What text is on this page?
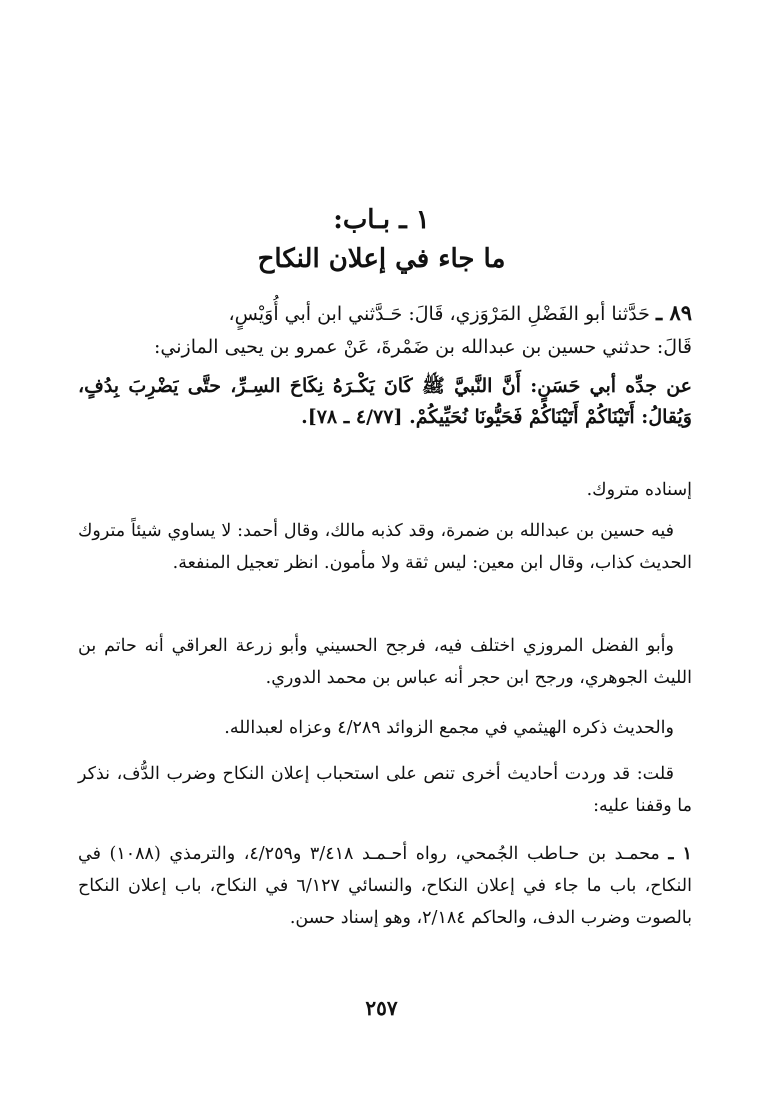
١ ـ بـاب:

ما جاء في إعلان النكاح

٨٩ ـ حَدَّثنا أبو الفَضْلِ المَرْوَزي، قَالَ: حَـدَّثني ابن أبي أُوَيْسٍ،
قَالَ: حدثني حسين بن عبدالله بن ضَمْرةَ، عَنْ عمرو بن يحيى المازني:
عن جدِّه أبي حَسَنٍ: أَنَّ النَّبيَّ ﷺ كَانَ يَكْـرَهُ نِكَاحَ السِـرِّ، حتَّى يَضْرِبَ بِدُفٍ، وَيُقالُ: أَتَيْنَاكُمْ أَتَيْنَاكُمْ فَحَيُّونَا نُحَيِّيكُمْ. [٤/٧٧ ـ ٧٨].

إسناده متروك.

فيه حسين بن عبدالله بن ضمرة، وقد كذبه مالك، وقال أحمد: لا يساوي شيئاً متروك الحديث كذاب، وقال ابن معين: ليس ثقة ولا مأمون. انظر تعجيل المنفعة.

وأبو الفضل المروزي اختلف فيه، فرجح الحسيني وأبو زرعة العراقي أنه حاتم بن الليث الجوهري، ورجح ابن حجر أنه عباس بن محمد الدوري.

والحديث ذكره الهيثمي في مجمع الزوائد ٤/٢٨٩ وعزاه لعبدالله.

قلت: قد وردت أحاديث أخرى تنص على استحباب إعلان النكاح وضرب الدُّف، نذكر ما وقفنا عليه:

١ ـ محمـد بن حـاطب الجُمحي، رواه أحـمـد ٣/٤١٨ و٤/٢٥٩، والترمذي (١٠٨٨) في النكاح، باب ما جاء في إعلان النكاح، والنسائي ٦/١٢٧ في النكاح، باب إعلان النكاح بالصوت وضرب الدف، والحاكم ٢/١٨٤، وهو إسناد حسن.

٢٥٧
